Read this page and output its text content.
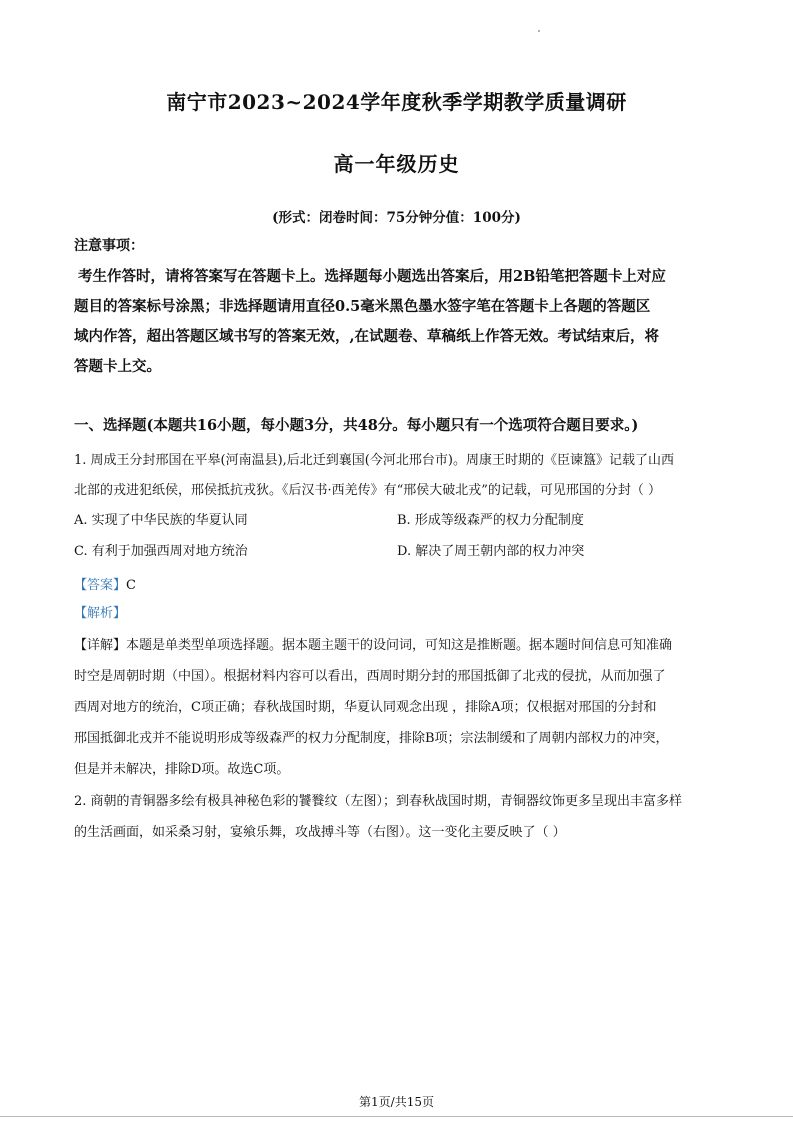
南宁市2023~2024学年度秋季学期教学质量调研
高一年级历史
(形式：闭卷时间：75分钟分值：100分)
注意事项：
考生作答时，请将答案写在答题卡上。选择题每小题选出答案后，用2B铅笔把答题卡上对应
题目的答案标号涂黑；非选择题请用直径0.5毫米黑色墨水签字笔在答题卡上各题的答题区
域内作答，超出答题区域书写的答案无效，,在试题卷、草稿纸上作答无效。考试结束后，将
答题卡上交。
一、选择题(本题共16小题，每小题3分，共48分。每小题只有一个选项符合题目要求。)
1. 周成王分封邢国在平皋(河南温县),后北迁到襄国(今河北邢台市)。周康王时期的《臣谏簋》记载了山西
北部的戎进犯纸侯，邢侯抵抗戎狄。《后汉书·西羌传》有“邢侯大破北戎”的记载，可见邢国的分封（ ）
A. 实现了中华民族的华夏认同	B. 形成等级森严的权力分配制度
C. 有利于加强西周对地方统治	D. 解决了周王朝内部的权力冲突
【答案】C
【解析】
【详解】本题是单类型单项选择题。据本题主题干的设问词，可知这是推断题。据本题时间信息可知准确
时空是周朝时期（中国）。根据材料内容可以看出，西周时期分封的邢国抵御了北戎的侵扰，从而加强了
西周对地方的统治，C项正确；春秋战国时期，华夏认同观念出现 ，排除A项；仅根据对邢国的分封和
邢国抵御北戎并不能说明形成等级森严的权力分配制度，排除B项；宗法制缓和了周朝内部权力的冲突，
但是并未解决，排除D项。故选C项。
2. 商朝的青铜器多绘有极具神秘色彩的饕餮纹（左图）；到春秋战国时期，青铜器纹饰更多呈现出丰富多样
的生活画面，如采桑习射，宴飨乐舞，攻战搏斗等（右图）。这一变化主要反映了（ ）
第1页/共15页
